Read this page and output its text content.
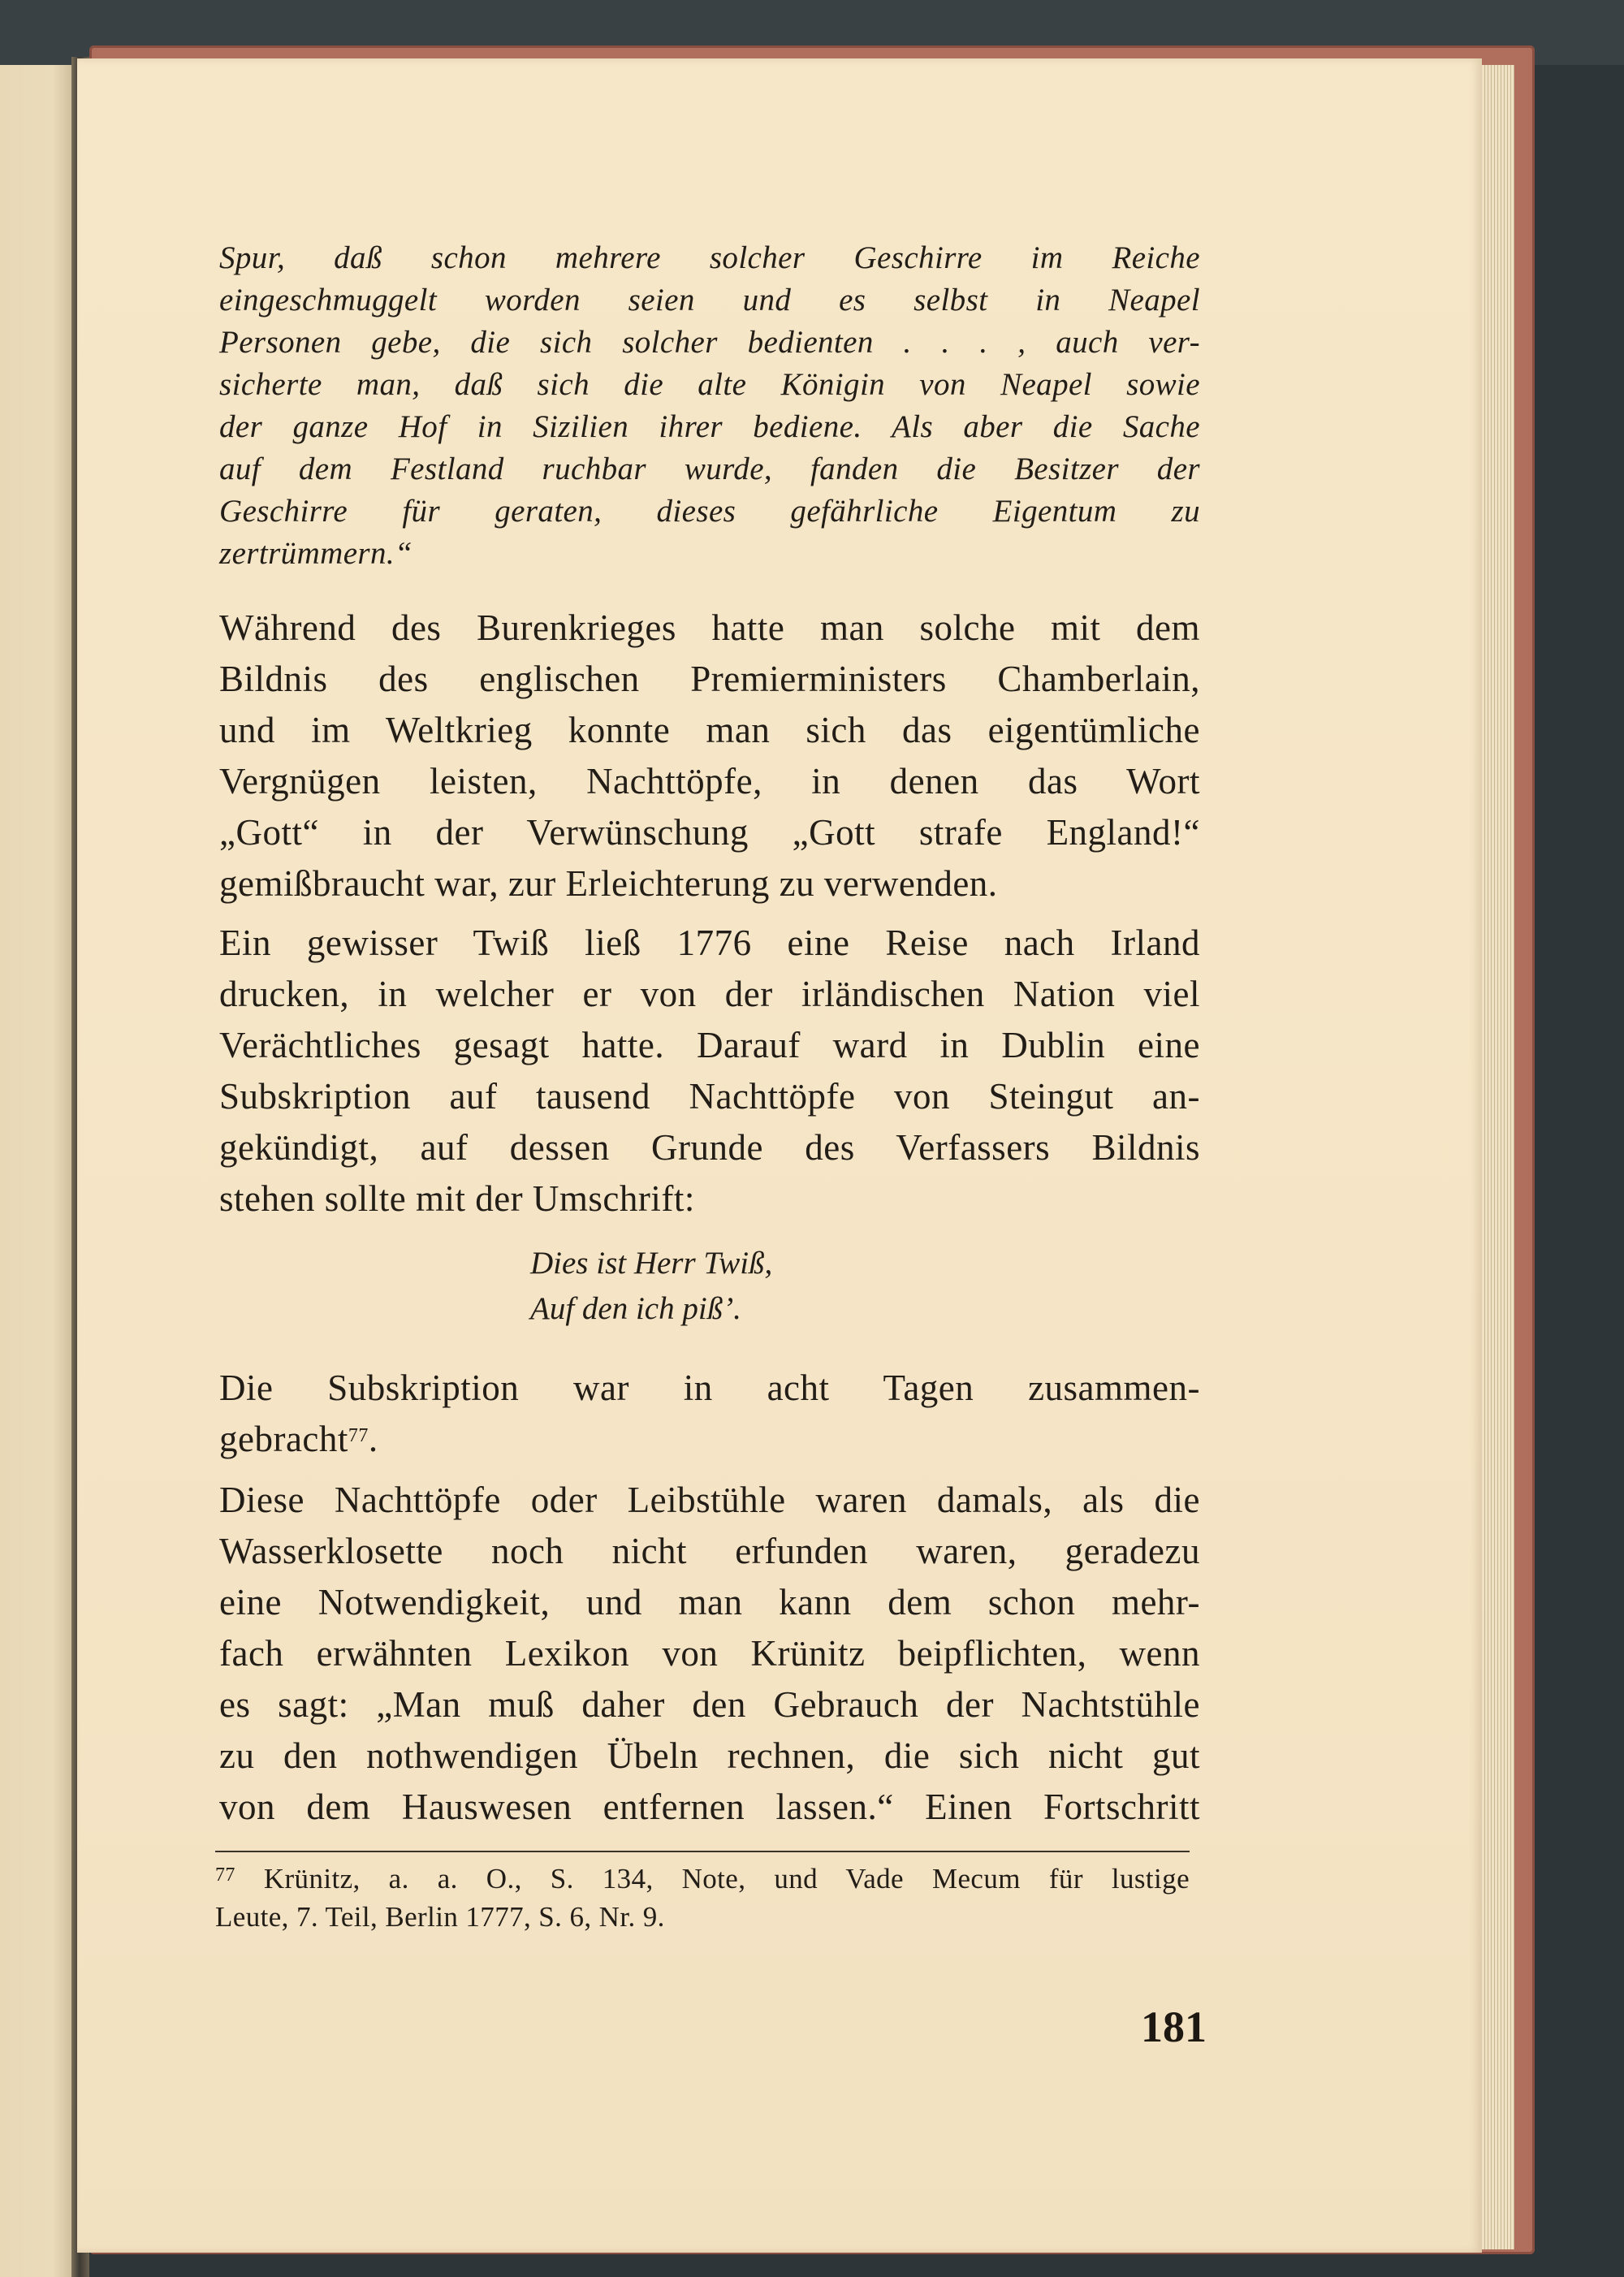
Spur, daß schon mehrere solcher Geschirre im Reiche
eingeschmuggelt worden seien und es selbst in Neapel
Personen gebe, die sich solcher bedienten . . . , auch ver-
sicherte man, daß sich die alte Königin von Neapel sowie
der ganze Hof in Sizilien ihrer bediene. Als aber die Sache
auf dem Festland ruchbar wurde, fanden die Besitzer der
Geschirre für geraten, dieses gefährliche Eigentum zu
zertrümmern.“
Während des Burenkrieges hatte man solche mit dem
Bildnis des englischen Premierministers Chamberlain,
und im Weltkrieg konnte man sich das eigentümliche
Vergnügen leisten, Nachttöpfe, in denen das Wort
„Gott“ in der Verwünschung „Gott strafe England!“
gemißbraucht war, zur Erleichterung zu verwenden.
Ein gewisser Twiß ließ 1776 eine Reise nach Irland
drucken, in welcher er von der irländischen Nation viel
Verächtliches gesagt hatte. Darauf ward in Dublin eine
Subskription auf tausend Nachttöpfe von Steingut an-
gekündigt, auf dessen Grunde des Verfassers Bildnis
stehen sollte mit der Umschrift:
Dies ist Herr Twiß,
Auf den ich piß’.
Die Subskription war in acht Tagen zusammen-
gebracht$^{77}$.
Diese Nachttöpfe oder Leibstühle waren damals, als die
Wasserklosette noch nicht erfunden waren, geradezu
eine Notwendigkeit, und man kann dem schon mehr-
fach erwähnten Lexikon von Krünitz beipflichten, wenn
es sagt: „Man muß daher den Gebrauch der Nachtstühle
zu den nothwendigen Übeln rechnen, die sich nicht gut
von dem Hauswesen entfernen lassen.“ Einen Fortschritt
$^{77}$ Krünitz, a. a. O., S. 134, Note, und Vade Mecum für lustige
Leute, 7. Teil, Berlin 1777, S. 6, Nr. 9.
181
